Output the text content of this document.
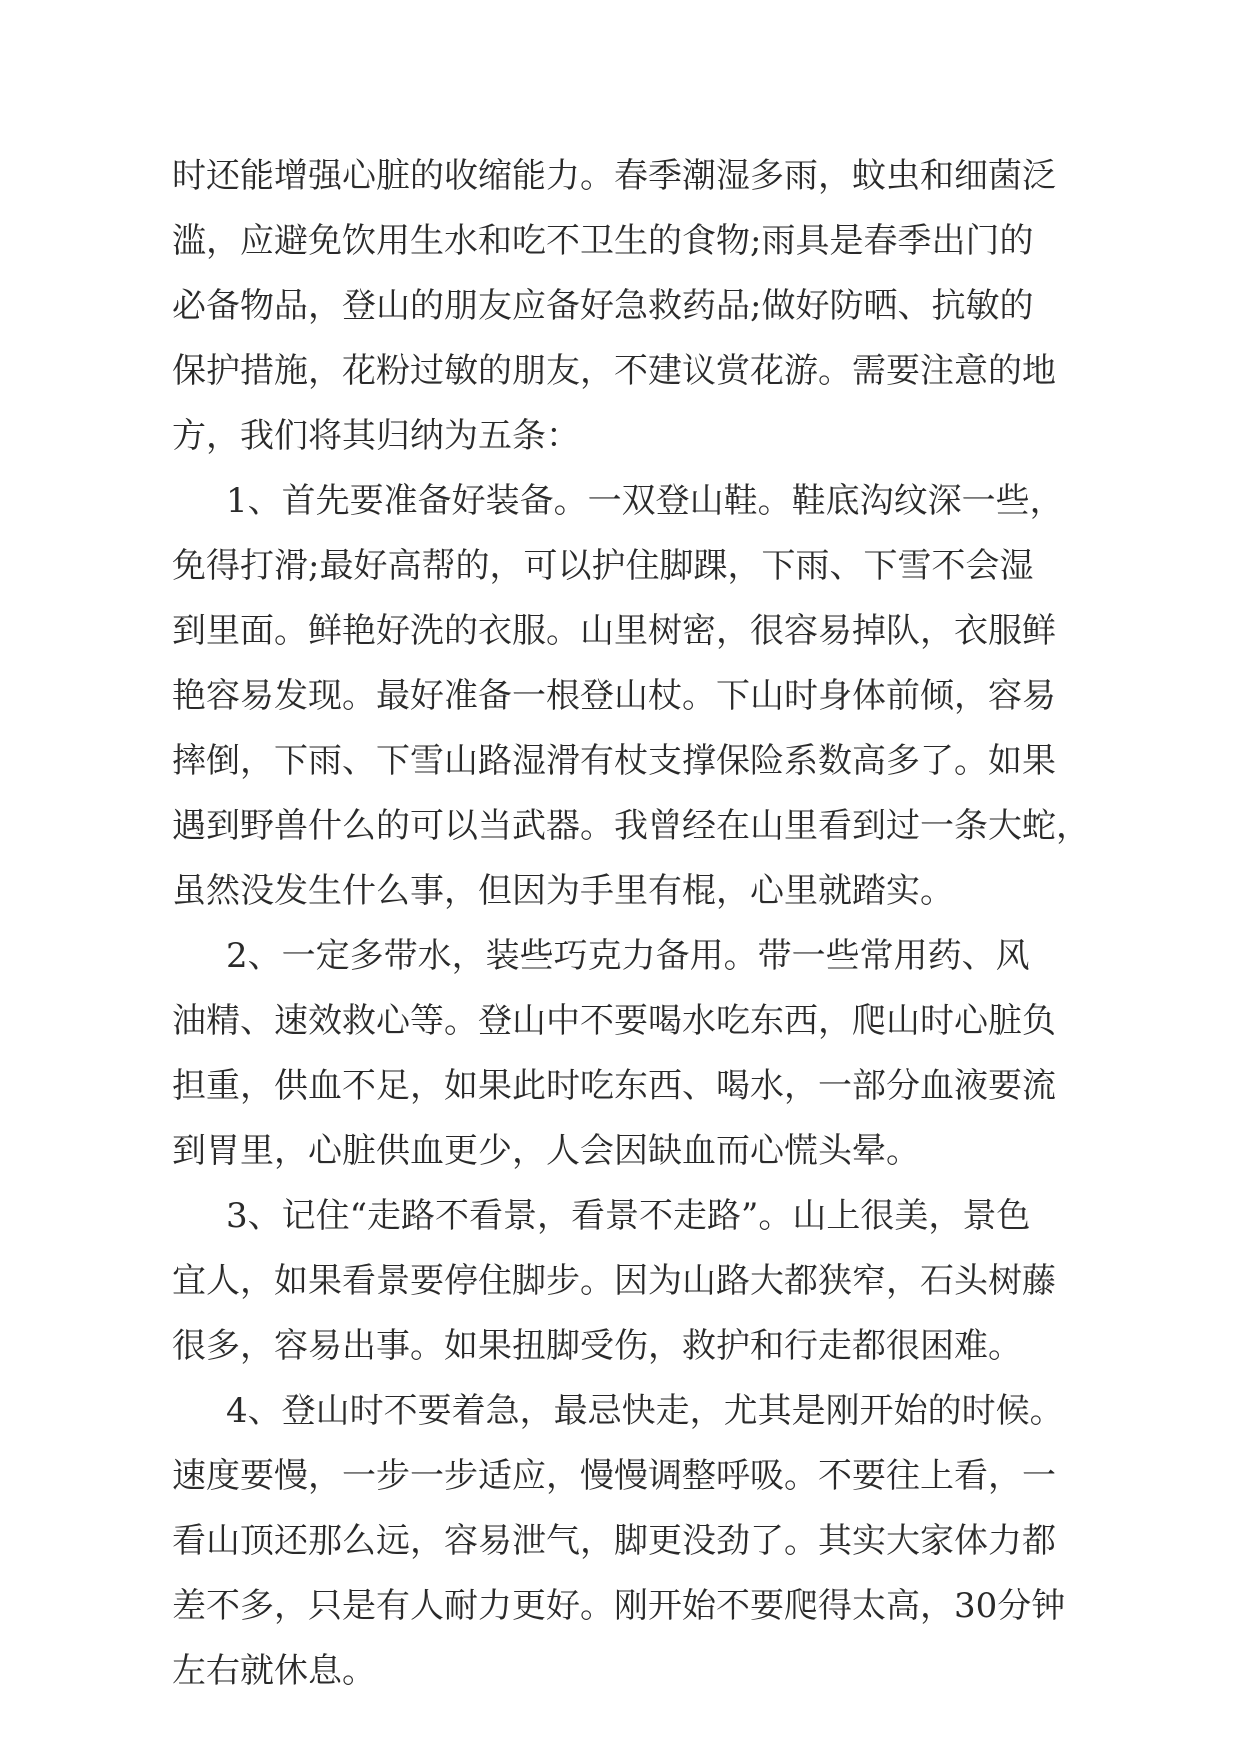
时还能增强心脏的收缩能力。春季潮湿多雨，蚊虫和细菌泛
滥，应避免饮用生水和吃不卫生的食物;雨具是春季出门的
必备物品，登山的朋友应备好急救药品;做好防晒、抗敏的
保护措施，花粉过敏的朋友，不建议赏花游。需要注意的地
方，我们将其归纳为五条：
1、首先要准备好装备。一双登山鞋。鞋底沟纹深一些，
免得打滑;最好高帮的，可以护住脚踝，下雨、下雪不会湿
到里面。鲜艳好洗的衣服。山里树密，很容易掉队，衣服鲜
艳容易发现。最好准备一根登山杖。下山时身体前倾，容易
摔倒，下雨、下雪山路湿滑有杖支撑保险系数高多了。如果
遇到野兽什么的可以当武器。我曾经在山里看到过一条大蛇，
虽然没发生什么事，但因为手里有棍，心里就踏实。
2、一定多带水，装些巧克力备用。带一些常用药、风
油精、速效救心等。登山中不要喝水吃东西，爬山时心脏负
担重，供血不足，如果此时吃东西、喝水，一部分血液要流
到胃里，心脏供血更少，人会因缺血而心慌头晕。
3、记住“走路不看景，看景不走路”。山上很美，景色
宜人，如果看景要停住脚步。因为山路大都狭窄，石头树藤
很多，容易出事。如果扭脚受伤，救护和行走都很困难。
4、登山时不要着急，最忌快走，尤其是刚开始的时候。
速度要慢，一步一步适应，慢慢调整呼吸。不要往上看，一
看山顶还那么远，容易泄气，脚更没劲了。其实大家体力都
差不多，只是有人耐力更好。刚开始不要爬得太高，30分钟
左右就休息。
